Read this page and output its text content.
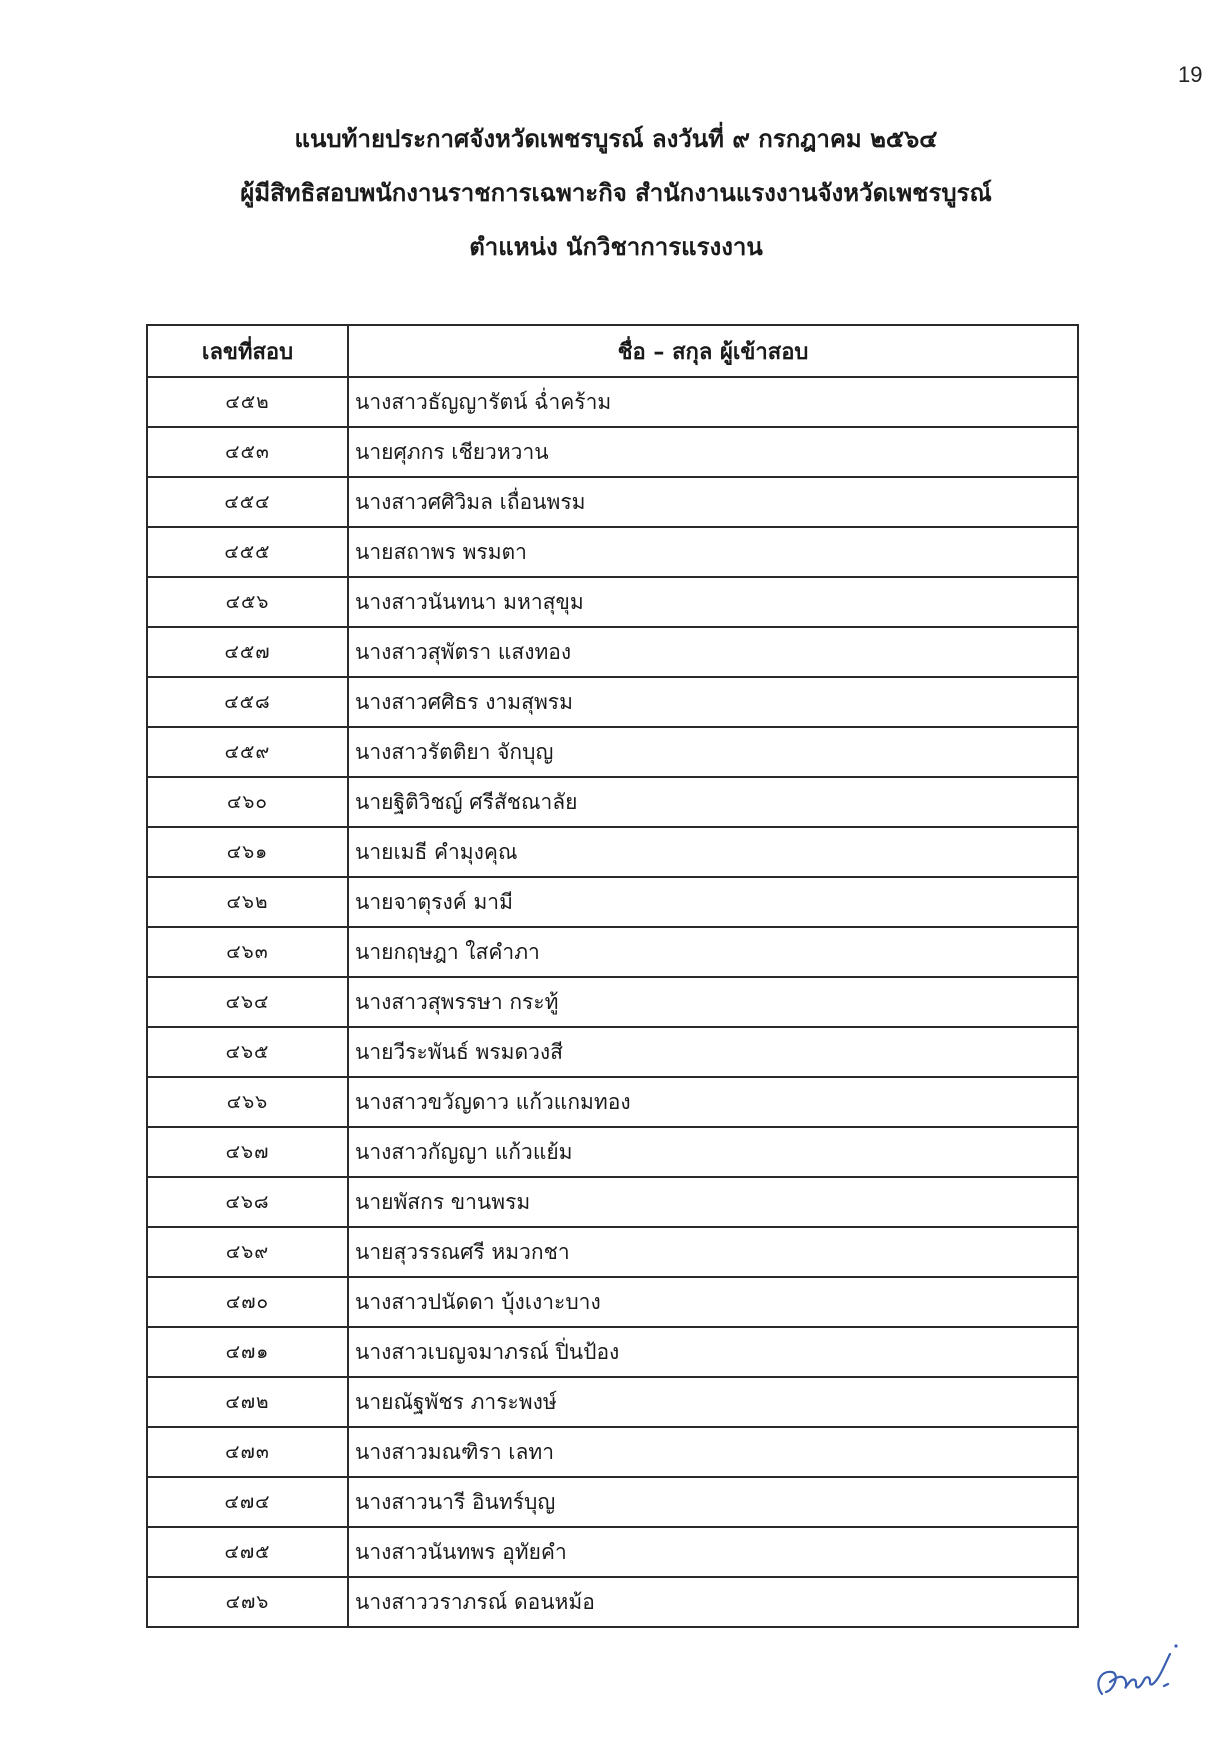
19
แนบท้ายประกาศจังหวัดเพชรบูรณ์ ลงวันที่ ๙ กรกฎาคม ๒๕๖๔
ผู้มีสิทธิสอบพนักงานราชการเฉพาะกิจ สำนักงานแรงงานจังหวัดเพชรบูรณ์
ตำแหน่ง นักวิชาการแรงงาน
เลขที่สอบ	ชื่อ – สกุล ผู้เข้าสอบ
๔๕๒	นางสาวธัญญารัตน์ ฉ่ำคร้าม
๔๕๓	นายศุภกร เชียวหวาน
๔๕๔	นางสาวศศิวิมล เถื่อนพรม
๔๕๕	นายสถาพร พรมตา
๔๕๖	นางสาวนันทนา มหาสุขุม
๔๕๗	นางสาวสุพัตรา แสงทอง
๔๕๘	นางสาวศศิธร งามสุพรม
๔๕๙	นางสาวรัตติยา จักบุญ
๔๖๐	นายฐิติวิชญ์ ศรีสัชณาลัย
๔๖๑	นายเมธี คำมุงคุณ
๔๖๒	นายจาตุรงค์ มามี
๔๖๓	นายกฤษฎา ใสคำภา
๔๖๔	นางสาวสุพรรษา กระทู้
๔๖๕	นายวีระพันธ์ พรมดวงสี
๔๖๖	นางสาวขวัญดาว แก้วแกมทอง
๔๖๗	นางสาวกัญญา แก้วแย้ม
๔๖๘	นายพัสกร ขานพรม
๔๖๙	นายสุวรรณศรี หมวกชา
๔๗๐	นางสาวปนัดดา บุ้งเงาะบาง
๔๗๑	นางสาวเบญจมาภรณ์ ปิ่นป้อง
๔๗๒	นายณัฐพัชร ภาระพงษ์
๔๗๓	นางสาวมณฑิรา เลทา
๔๗๔	นางสาวนารี อินทร์บุญ
๔๗๕	นางสาวนันทพร อุทัยคำ
๔๗๖	นางสาววราภรณ์ ดอนหม้อ
